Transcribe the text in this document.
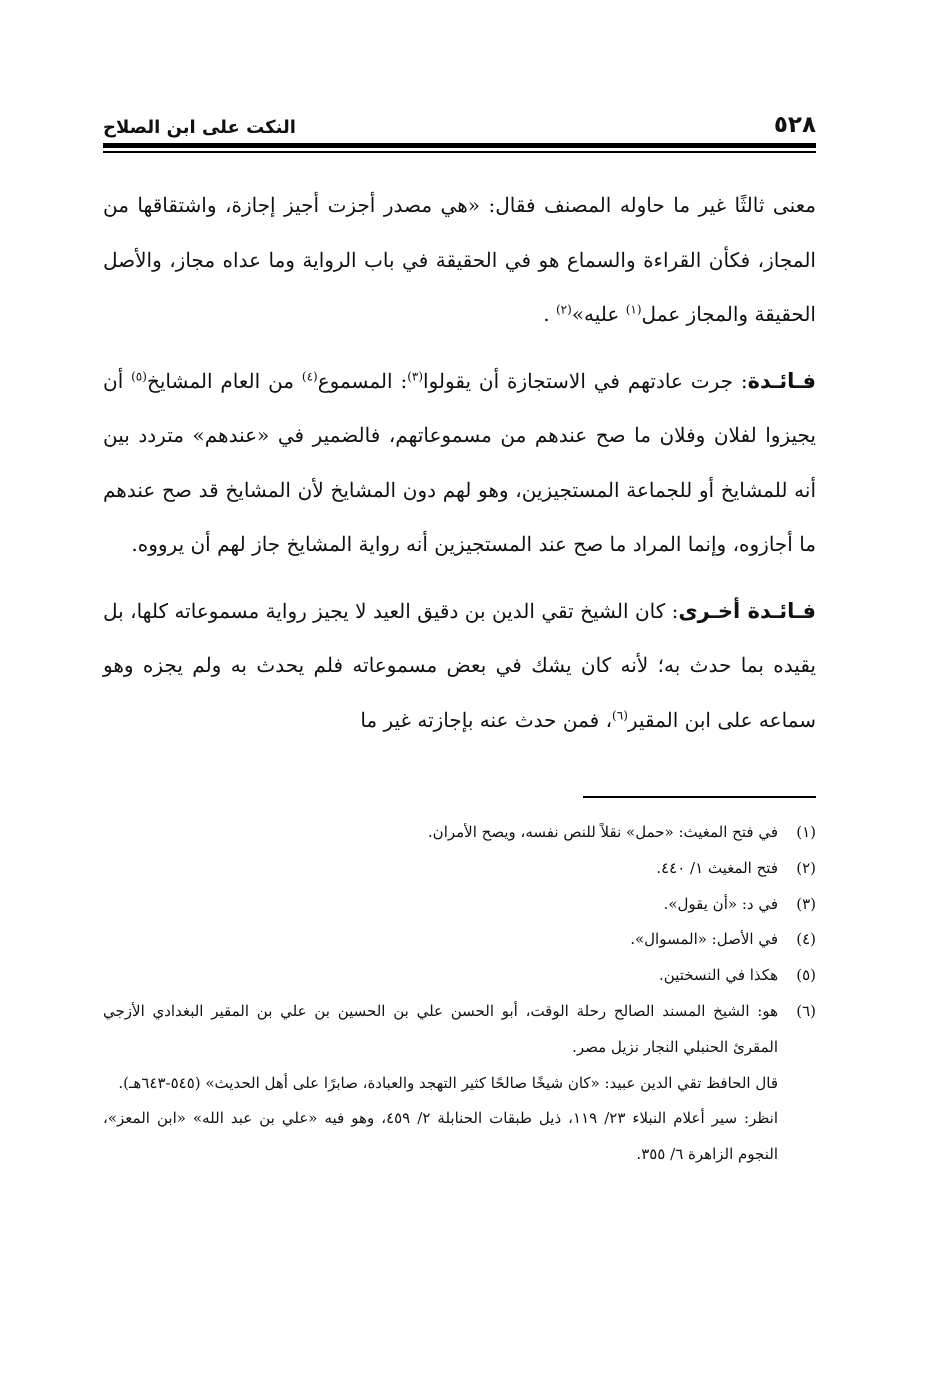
٥٢٨
النكت على ابن الصلاح

معنى ثالثًا غير ما حاوله المصنف فقال: «هي مصدر أجزت أجيز إجازة، واشتقاقها من المجاز، فكأن القراءة والسماع هو في الحقيقة في باب الرواية وما عداه مجاز، والأصل الحقيقة والمجاز عمل$^{(١)}$ عليه»$^{(٢)}$ .

فـائـدة: جرت عادتهم في الاستجازة أن يقولوا$^{(٣)}$: المسموع$^{(٤)}$ من العام المشايخ$^{(٥)}$ أن يجيزوا لفلان وفلان ما صح عندهم من مسموعاتهم، فالضمير في «عندهم» متردد بين أنه للمشايخ أو للجماعة المستجيزين، وهو لهم دون المشايخ لأن المشايخ قد صح عندهم ما أجازوه، وإنما المراد ما صح عند المستجيزين أنه رواية المشايخ جاز لهم أن يرووه.

فـائـدة أخـرى: كان الشيخ تقي الدين بن دقيق العيد لا يجيز رواية مسموعاته كلها، بل يقيده بما حدث به؛ لأنه كان يشك في بعض مسموعاته فلم يحدث به ولم يجزه وهو سماعه على ابن المقير$^{(٦)}$، فمن حدث عنه بإجازته غير ما

(١)
في فتح المغيث: «حمل» نقلاً للنص نفسه، ويصح الأمران.
(٢)
فتح المغيث ١/ ٤٤٠.
(٣)
في د: «أن يقول».
(٤)
في الأصل: «المسوال».
(٥)
هكذا في النسختين.
(٦)
هو: الشيخ المسند الصالح رحلة الوقت، أبو الحسن علي بن الحسين بن علي بن المقير البغدادي الأزجي المقرئ الحنبلي النجار نزيل مصر.
قال الحافظ تقي الدين عبيد: «كان شيخًا صالحًا كثير التهجد والعبادة، صابرًا على أهل الحديث» (٥٤٥-٦٤٣هـ).
انظر: سير أعلام النبلاء ٢٣/ ١١٩، ذيل طبقات الحنابلة ٢/ ٤٥٩، وهو فيه «علي بن عبد الله» «ابن المعز»، النجوم الزاهرة ٦/ ٣٥٥.
